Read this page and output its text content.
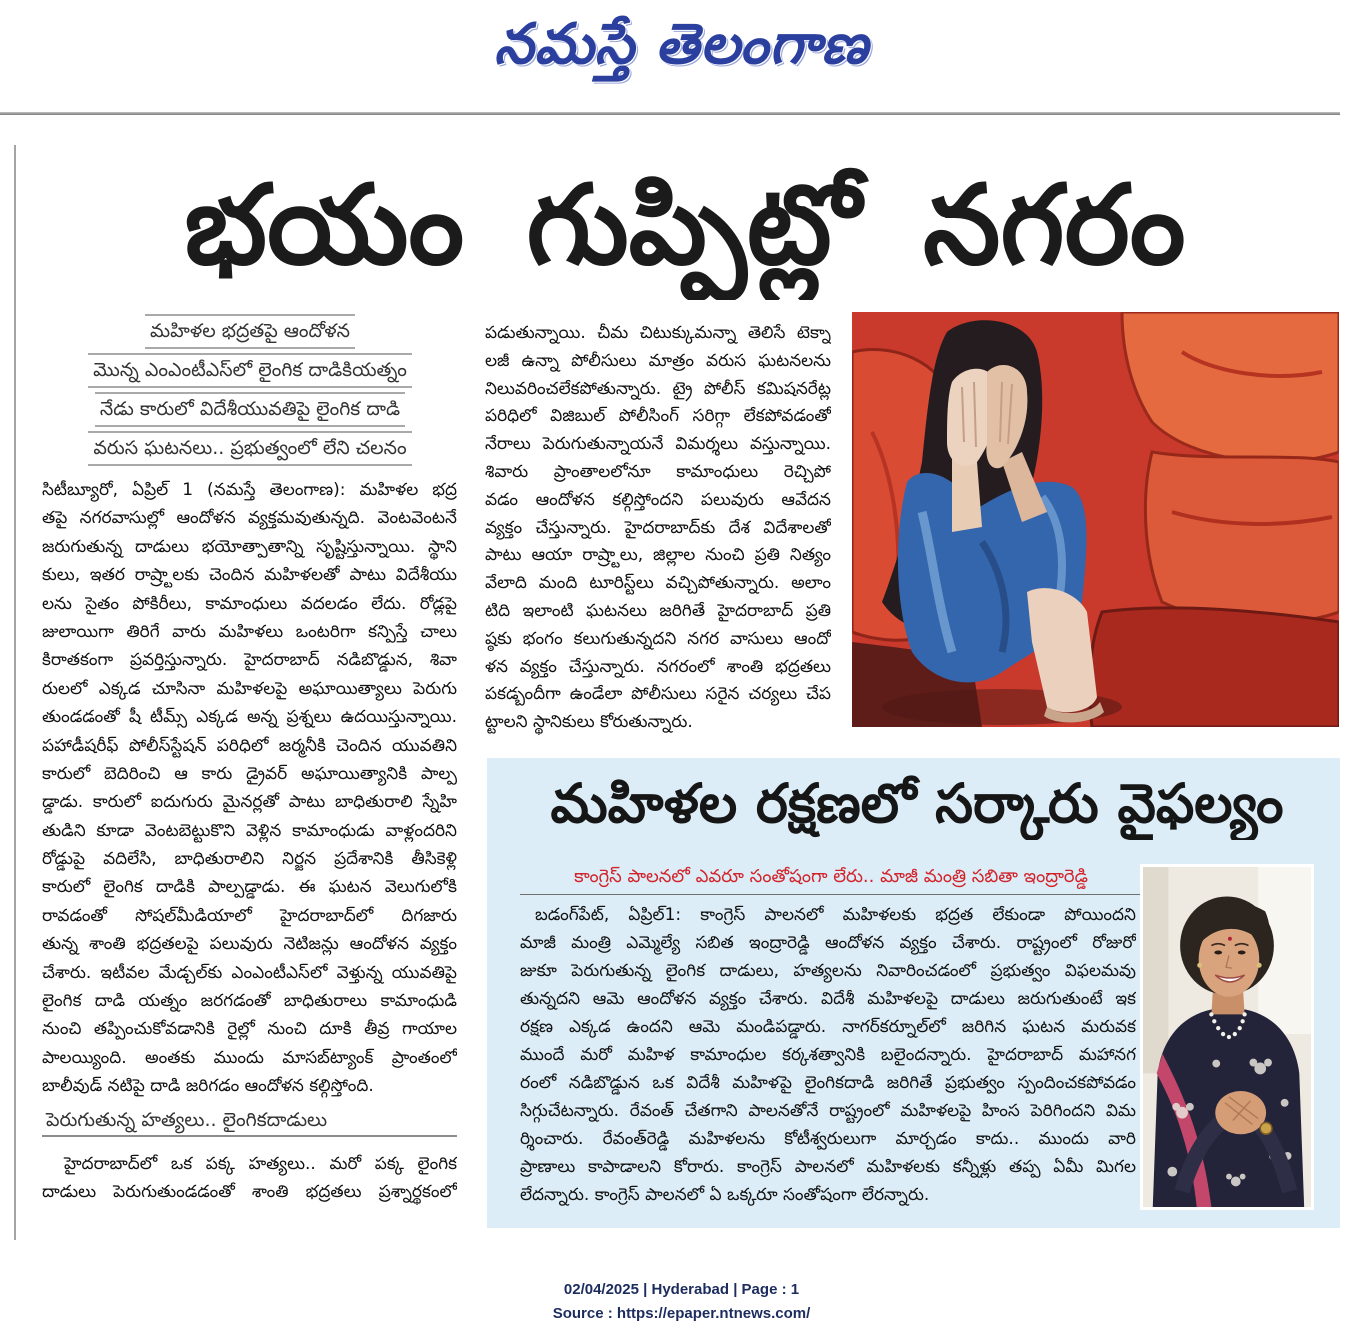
నమస్తే తెలంగాణ
భయం గుప్పిట్లో నగరం
మహిళల భద్రతపై ఆందోళన
మొన్న ఎంఎంటీఎస్‌లో లైంగిక దాడికియత్నం
నేడు కారులో విదేశీయువతిపై లైంగిక దాడి
వరుస ఘటనలు.. ప్రభుత్వంలో లేని చలనం
సిటీబ్యూరో, ఏప్రిల్ 1 (నమస్తే తెలంగాణ): మహిళల భద్ర
తపై నగరవాసుల్లో ఆందోళన వ్యక్తమవుతున్నది. వెంటవెంటనే
జరుగుతున్న దాడులు భయోత్పాతాన్ని సృష్టిస్తున్నాయి. స్థాని
కులు, ఇతర రాష్ర్టాలకు చెందిన మహిళలతో పాటు విదేశీయు
లను సైతం పోకిరీలు, కామాంధులు వదలడం లేదు. రోడ్లపై
జులాయిగా తిరిగే వారు మహిళలు ఒంటరిగా కన్పిస్తే చాలు
కిరాతకంగా ప్రవర్తిస్తున్నారు. హైదరాబాద్ నడిబొడ్డున, శివా
రులలో ఎక్కడ చూసినా మహిళలపై అఘాయిత్యాలు పెరుగు
తుండడంతో షీ టీమ్స్ ఎక్కడ అన్న ప్రశ్నలు ఉదయిస్తున్నాయి.
పహాడీషరీఫ్ పోలీస్‌స్టేషన్ పరిధిలో జర్మనీకి చెందిన యువతిని
కారులో బెదిరించి ఆ కారు డ్రైవర్ అఘాయిత్యానికి పాల్ప
డ్డాడు. కారులో ఐదుగురు మైనర్లతో పాటు బాధితురాలి స్నేహి
తుడిని కూడా వెంటబెట్టుకొని వెళ్లిన కామాంధుడు వాళ్లందరిని
రోడ్డుపై వదిలేసి, బాధితురాలిని నిర్జన ప్రదేశానికి తీసికెళ్లి
కారులో లైంగిక దాడికి పాల్పడ్డాడు. ఈ ఘటన వెలుగులోకి
రావడంతో సోషల్‌మీడియాలో హైదరాబాద్‌లో దిగజారు
తున్న శాంతి భద్రతలపై పలువురు నెటిజన్లు ఆందోళన వ్యక్తం
చేశారు. ఇటీవల మేడ్చల్‌కు ఎంఎంటీఎస్‌లో వెళ్తున్న యువతిపై
లైంగిక దాడి యత్నం జరగడంతో బాధితురాలు కామాంధుడి
నుంచి తప్పించుకోవడానికి రైల్లో నుంచి దూకి తీవ్ర గాయాల
పాలయ్యింది. అంతకు ముందు మాసబ్‌ట్యాంక్ ప్రాంతంలో
బాలీవుడ్ నటిపై దాడి జరిగడం ఆందోళన కల్గిస్తోంది.
పెరుగుతున్న హత్యలు.. లైంగికదాడులు
హైదరాబాద్‌లో ఒక పక్క హత్యలు.. మరో పక్క లైంగిక
దాడులు పెరుగుతుండడంతో శాంతి భద్రతలు ప్రశ్నార్థకంలో
పడుతున్నాయి. చీమ చిటుక్కుమన్నా తెలిసే టెక్నా
లజీ ఉన్నా పోలీసులు మాత్రం వరుస ఘటనలను
నిలువరించలేకపోతున్నారు. ట్రై పోలీస్ కమిషనరేట్ల
పరిధిలో విజిబుల్ పోలీసింగ్ సరిగ్గా లేకపోవడంతో
నేరాలు పెరుగుతున్నాయనే విమర్శలు వస్తున్నాయి.
శివారు ప్రాంతాలలోనూ కామాంధులు రెచ్చిపో
వడం ఆందోళన కల్గిస్తోందని పలువురు ఆవేదన
వ్యక్తం చేస్తున్నారు. హైదరాబాద్‌కు దేశ విదేశాలతో
పాటు ఆయా రాష్ర్టాలు, జిల్లాల నుంచి ప్రతి నిత్యం
వేలాది మంది టూరిస్ట్‌లు వచ్చిపోతున్నారు. అలాం
టిది ఇలాంటి ఘటనలు జరిగితే హైదరాబాద్ ప్రతి
ష్ఠకు భంగం కలుగుతున్నదని నగర వాసులు ఆందో
ళన వ్యక్తం చేస్తున్నారు. నగరంలో శాంతి భద్రతలు
పకడ్బందీగా ఉండేలా పోలీసులు సరైన చర్యలు చేప
ట్టాలని స్థానికులు కోరుతున్నారు.
మహిళల రక్షణలో సర్కారు వైఫల్యం
కాంగ్రెస్ పాలనలో ఎవరూ సంతోషంగా లేరు.. మాజీ మంత్రి సబితా ఇంద్రారెడ్డి
బడంగ్‌పేట్, ఏప్రిల్1: కాంగ్రెస్ పాలనలో మహిళలకు భద్రత లేకుండా పోయిందని
మాజీ మంత్రి ఎమ్మెల్యే సబిత ఇంద్రారెడ్డి ఆందోళన వ్యక్తం చేశారు. రాష్ట్రంలో రోజురో
జుకూ పెరుగుతున్న లైంగిక దాడులు, హత్యలను నివారించడంలో ప్రభుత్వం విఫలమవు
తున్నదని ఆమె ఆందోళన వ్యక్తం చేశారు. విదేశీ మహిళలపై దాడులు జరుగుతుంటే ఇక
రక్షణ ఎక్కడ ఉందని ఆమె మండిపడ్డారు. నాగర్‌కర్నూల్‌లో జరిగిన ఘటన మరువక
ముందే మరో మహిళ కామాంధుల కర్కశత్వానికి బలైందన్నారు. హైదరాబాద్ మహానగ
రంలో నడిబొడ్డున ఒక విదేశీ మహిళపై లైంగికదాడి జరిగితే ప్రభుత్వం స్పందించకపోవడం
సిగ్గుచేటన్నారు. రేవంత్ చేతగాని పాలనతోనే రాష్ట్రంలో మహిళలపై హింస పెరిగిందని విమ
ర్శించారు. రేవంత్‌రెడ్డి మహిళలను కోటీశ్వరులుగా మార్చడం కాదు.. ముందు వారి
ప్రాణాలు కాపాడాలని కోరారు. కాంగ్రెస్ పాలనలో మహిళలకు కన్నీళ్లు తప్ప ఏమీ మిగల
లేదన్నారు. కాంగ్రెస్ పాలనలో ఏ ఒక్కరూ సంతోషంగా లేరన్నారు.
02/04/2025 | Hyderabad | Page : 1
Source : https://epaper.ntnews.com/
